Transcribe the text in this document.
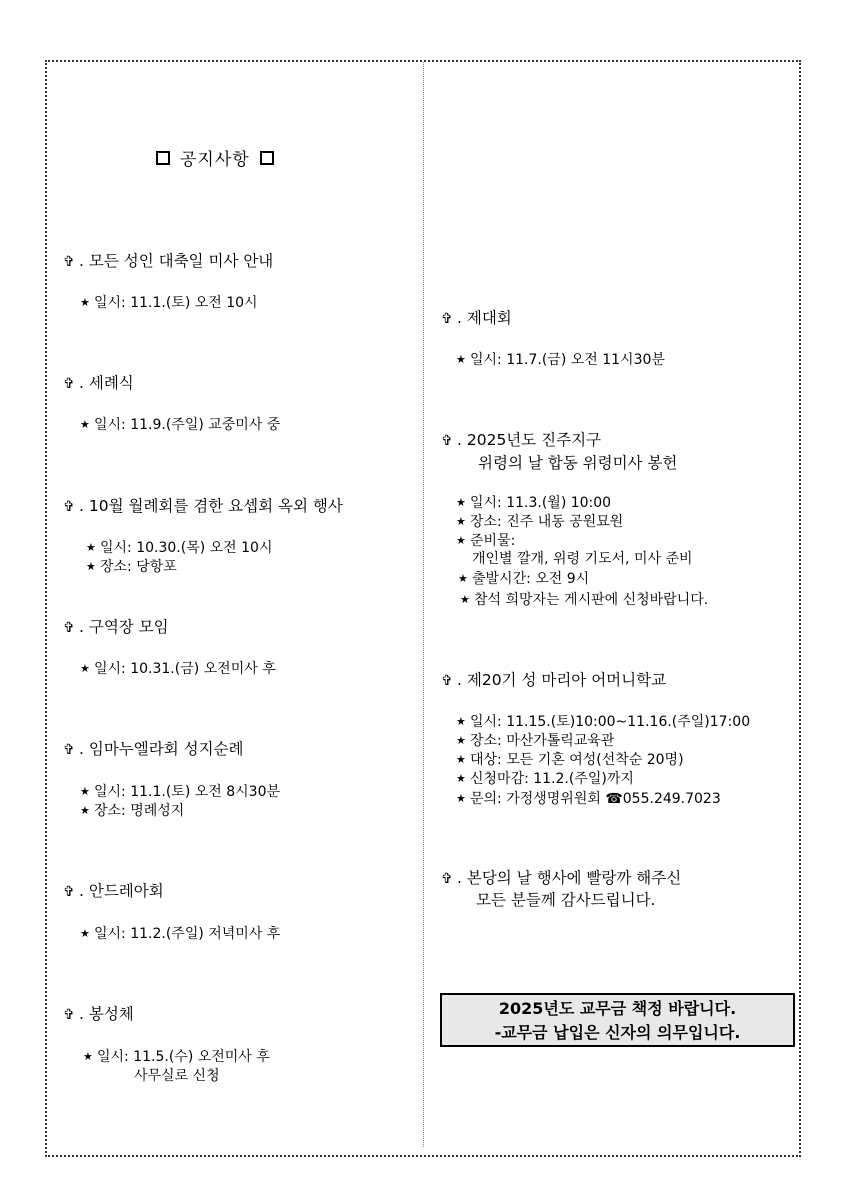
공지사항
✞ . 모든 성인 대축일 미사 안내
★ 일시: 11.1.(토) 오전 10시
✞ . 세례식
★ 일시: 11.9.(주일) 교중미사 중
✞ . 10월 월례회를 겸한 요셉회 옥외 행사
★ 일시: 10.30.(목) 오전 10시
★ 장소: 당항포
✞ . 구역장 모임
★ 일시: 10.31.(금) 오전미사 후
✞ . 임마누엘라회 성지순례
★ 일시: 11.1.(토) 오전 8시30분
★ 장소: 명례성지
✞ . 안드레아회
★ 일시: 11.2.(주일) 저녁미사 후
✞ . 봉성체
★ 일시: 11.5.(수) 오전미사 후
사무실로 신청
✞ . 제대회
★ 일시: 11.7.(금) 오전 11시30분
✞ . 2025년도 진주지구
위령의 날 합동 위령미사 봉헌
★ 일시: 11.3.(월) 10:00
★ 장소: 진주 내동 공원묘원
★ 준비물:
개인별 깔개, 위령 기도서, 미사 준비
★ 출발시간: 오전 9시
★ 참석 희망자는 게시판에 신청바랍니다.
✞ . 제20기 성 마리아 어머니학교
★ 일시: 11.15.(토)10:00~11.16.(주일)17:00
★ 장소: 마산가톨릭교육관
★ 대상: 모든 기혼 여성(선착순 20명)
★ 신청마감: 11.2.(주일)까지
★ 문의: 가정생명위원회 ☎055.249.7023
✞ . 본당의 날 행사에 빨랑까 해주신
모든 분들께 감사드립니다.
2025년도 교무금 책정 바랍니다.
-교무금 납입은 신자의 의무입니다.
